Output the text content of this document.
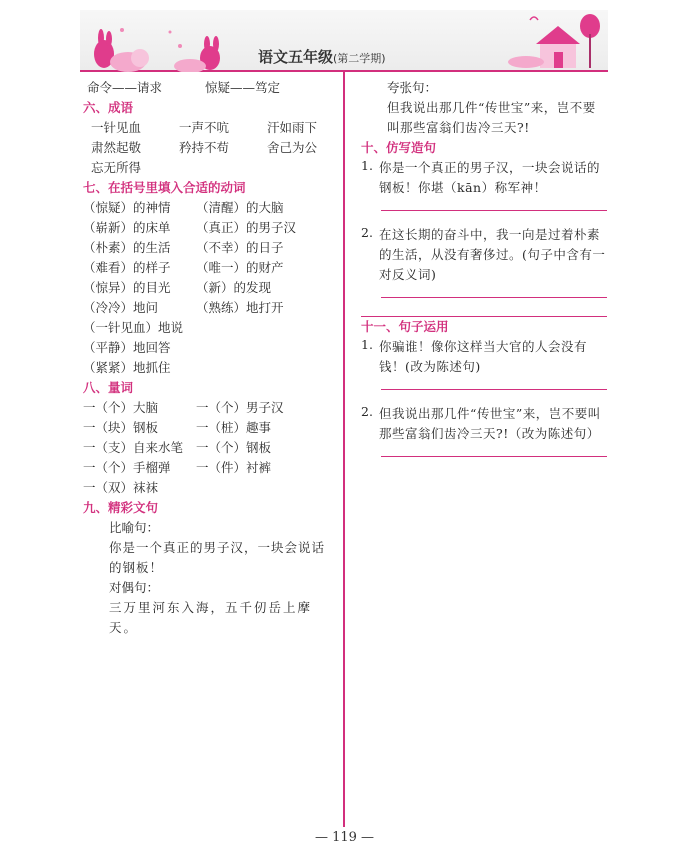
语文五年级(第二学期)
命令——请求	惊疑——笃定
六、成语
一针见血	一声不吭	汗如雨下
肃然起敬	矜持不苟	舍己为公
忘无所得
七、在括号里填入合适的动词
（惊疑）的神情 （清醒）的大脑
（崭新）的床单 （真正）的男子汉
（朴素）的生活 （不幸）的日子
（难看）的样子 （唯一）的财产
（惊异）的目光 （新）的发现
（冷冷）地问	（熟练）地打开
（一针见血）地说
（平静）地回答
（紧紧）地抓住
八、量词
一（个）大脑	一（个）男子汉
一（块）钢板	一（桩）趣事
一（支）自来水笔 一（个）钢板
一（个）手榴弹 一（件）衬裤
一（双）袜袜
九、精彩文句
比喻句：
你是一个真正的男子汉，一块会说话的钢板！
对偶句：
三万里河东入海，五千仞岳上摩天。
夸张句：
但我说出那几件“传世宝”来，岂不要叫那些富翁们齿冷三天?!
十、仿写造句
1. 你是一个真正的男子汉，一块会说话的钢板！你堪（kān）称军神！
2. 在这长期的奋斗中，我一向是过着朴素的生活，从没有奢侈过。(句子中含有一对反义词)
十一、句子运用
1. 你骗谁！像你这样当大官的人会没有钱！(改为陈述句)
2. 但我说出那几件“传世宝”来，岂不要叫那些富翁们齿冷三天?!（改为陈述句）
— 119 —
